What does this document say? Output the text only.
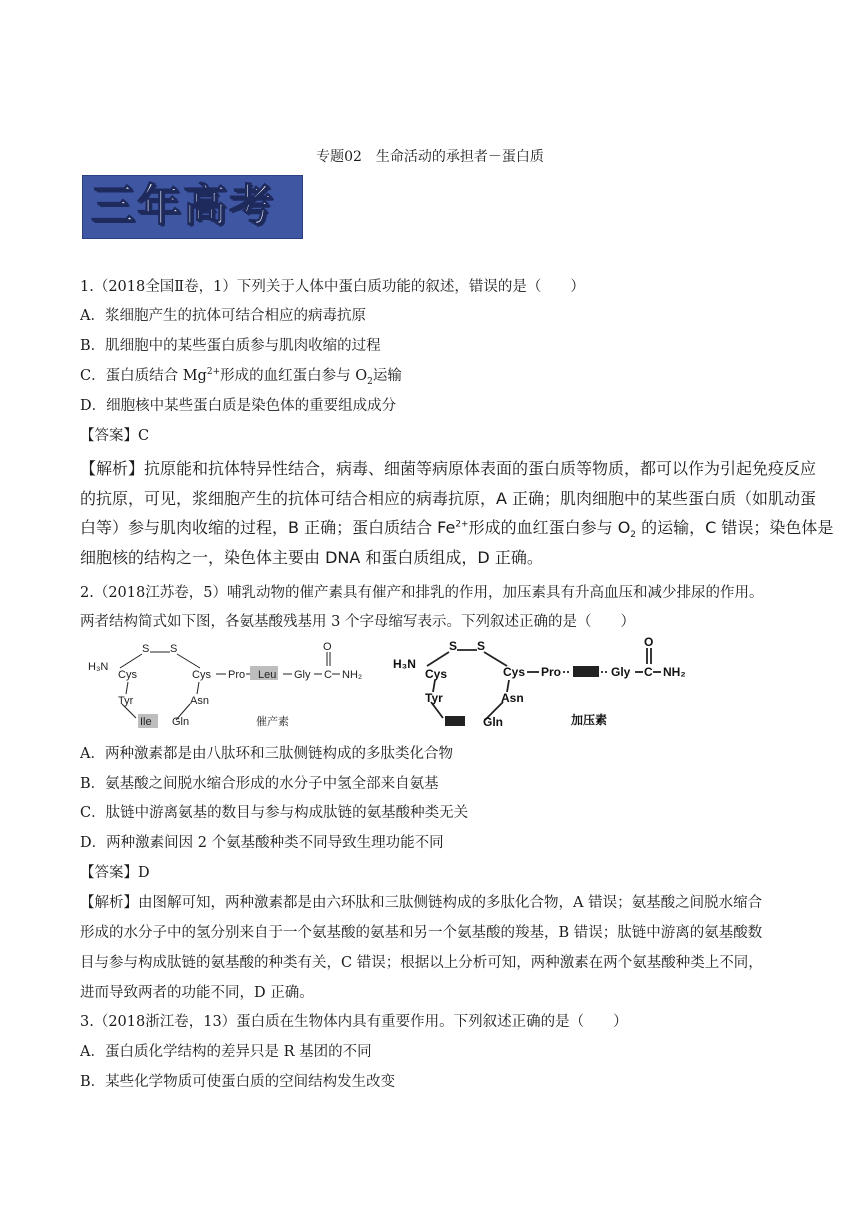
专题02　生命活动的承担者－蛋白质
三年高考
1.（2018全国Ⅱ卷，1）下列关于人体中蛋白质功能的叙述，错误的是（　　）
A．浆细胞产生的抗体可结合相应的病毒抗原
B．肌细胞中的某些蛋白质参与肌肉收缩的过程
C．蛋白质结合 $Mg^{2+}$形成的血红蛋白参与 $O_2$运输
D．细胞核中某些蛋白质是染色体的重要组成成分
【答案】C
【解析】抗原能和抗体特异性结合，病毒、细菌等病原体表面的蛋白质等物质，都可以作为引起免疫反应
的抗原，可见，浆细胞产生的抗体可结合相应的病毒抗原，A 正确；肌肉细胞中的某些蛋白质（如肌动蛋
白等）参与肌肉收缩的过程，B 正确；蛋白质结合 $Fe^{2+}$形成的血红蛋白参与 $O_2$ 的运输，C 错误；染色体是
细胞核的结构之一，染色体主要由 DNA 和蛋白质组成，D 正确。
2.（2018江苏卷，5）哺乳动物的催产素具有催产和排乳的作用，加压素具有升高血压和减少排尿的作用。
两者结构简式如下图，各氨基酸残基用 3 个字母缩写表示。下列叙述正确的是（　　）
H₃N
S S
Cys	Cys Pro Leu Gly C
O
NH₂
Tyr	Asn
Ile Gln	催产素
H₃N
S S
Cys	Cys Pro	Gly C
O
NH₂
Tyr	Asn
Gln	加压素
A．两种激素都是由八肽环和三肽侧链构成的多肽类化合物
B．氨基酸之间脱水缩合形成的水分子中氢全部来自氨基
C．肽链中游离氨基的数目与参与构成肽链的氨基酸种类无关
D．两种激素间因 2 个氨基酸种类不同导致生理功能不同
【答案】D
【解析】由图解可知，两种激素都是由六环肽和三肽侧链构成的多肽化合物，A 错误；氨基酸之间脱水缩合
形成的水分子中的氢分别来自于一个氨基酸的氨基和另一个氨基酸的羧基，B 错误；肽链中游离的氨基酸数
目与参与构成肽链的氨基酸的种类有关，C 错误；根据以上分析可知，两种激素在两个氨基酸种类上不同，
进而导致两者的功能不同，D 正确。
3.（2018浙江卷，13）蛋白质在生物体内具有重要作用。下列叙述正确的是（　　）
A．蛋白质化学结构的差异只是 R 基团的不同
B．某些化学物质可使蛋白质的空间结构发生改变
